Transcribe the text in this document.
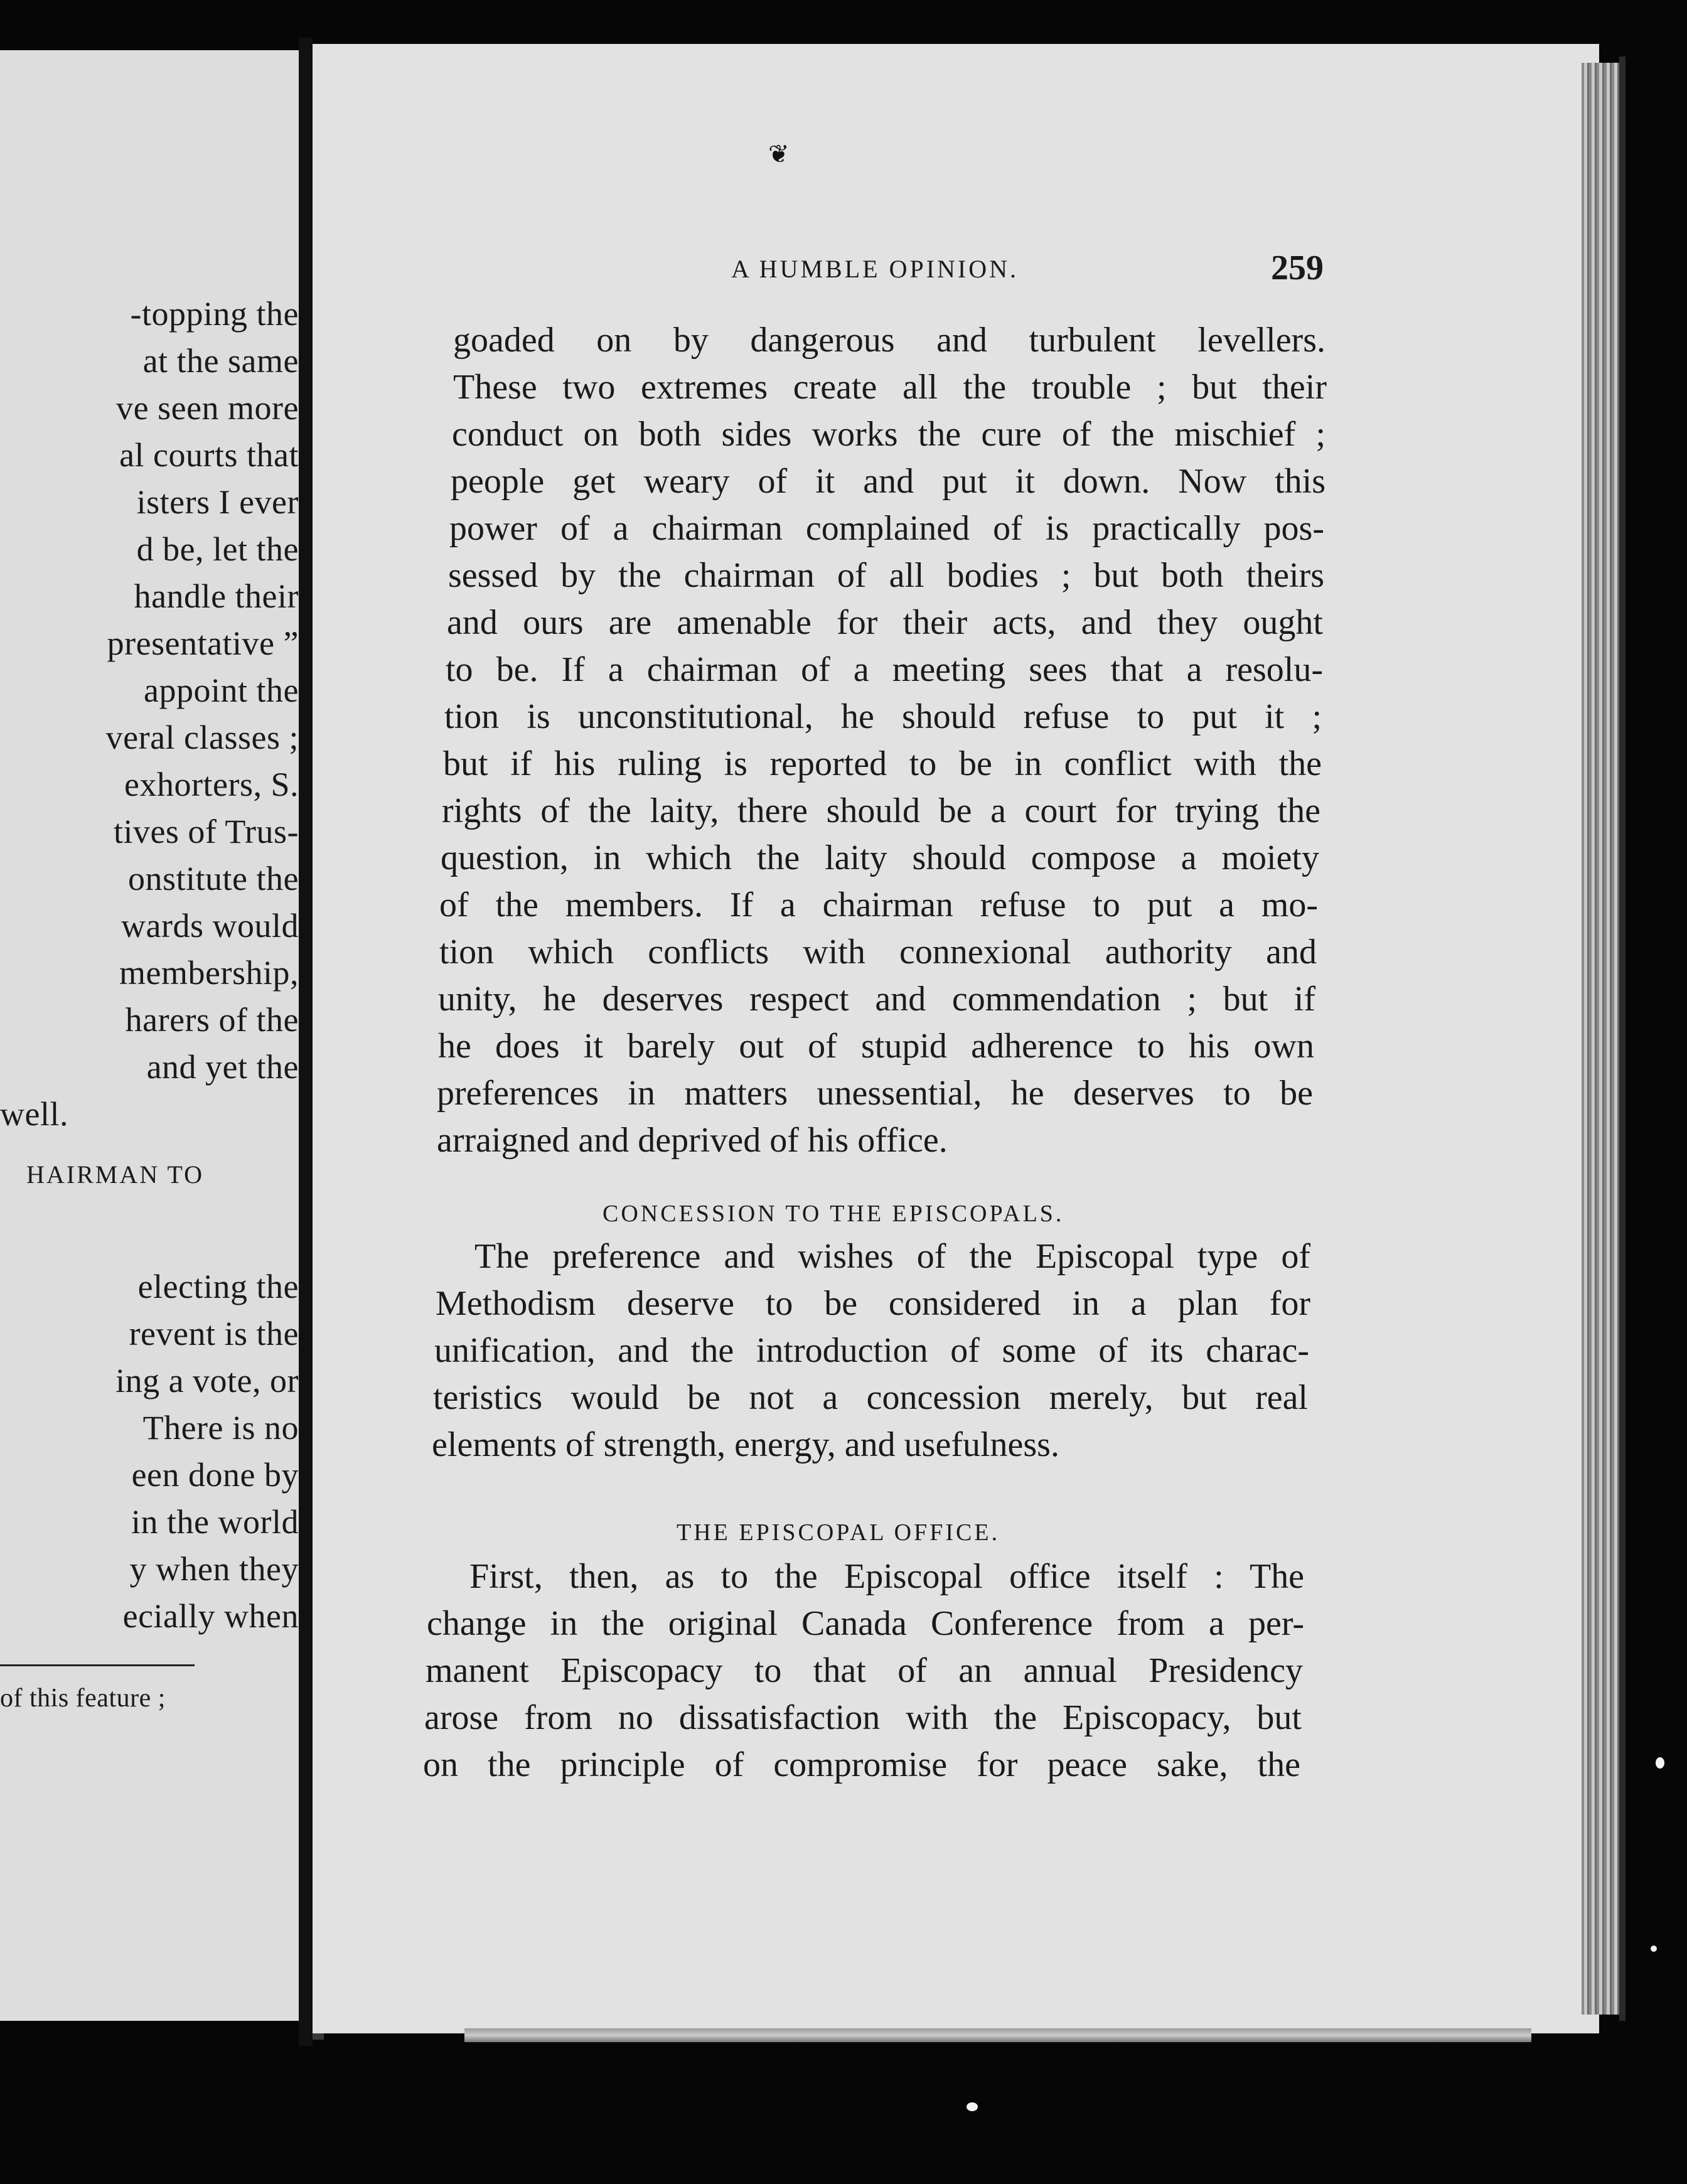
-topping the
at the same
ve seen more
al courts that
isters I ever
d be, let the
handle their
presentative ”
appoint the
veral classes ;
exhorters, S.
tives of Trus-
onstitute the
wards would
membership,
harers of the
and yet the
well.
HAIRMAN TO
electing the
revent is the
ing a vote, or
There is no
een done by
in the world
y when they
ecially when
of this feature ;
❦
A HUMBLE OPINION.	259
goaded on by dangerous and turbulent levellers.
These two extremes create all the trouble ; but their
conduct on both sides works the cure of the mischief ;
people get weary of it and put it down. Now this
power of a chairman complained of is practically pos-
sessed by the chairman of all bodies ; but both theirs
and ours are amenable for their acts, and they ought
to be. If a chairman of a meeting sees that a resolu-
tion is unconstitutional, he should refuse to put it ;
but if his ruling is reported to be in conflict with the
rights of the laity, there should be a court for trying the
question, in which the laity should compose a moiety
of the members. If a chairman refuse to put a mo-
tion which conflicts with connexional authority and
unity, he deserves respect and commendation ; but if
he does it barely out of stupid adherence to his own
preferences in matters unessential, he deserves to be
arraigned and deprived of his office.
CONCESSION TO THE EPISCOPALS.
The preference and wishes of the Episcopal type of
Methodism deserve to be considered in a plan for
unification, and the introduction of some of its charac-
teristics would be not a concession merely, but real
elements of strength, energy, and usefulness.
THE EPISCOPAL OFFICE.
First, then, as to the Episcopal office itself : The
change in the original Canada Conference from a per-
manent Episcopacy to that of an annual Presidency
arose from no dissatisfaction with the Episcopacy, but
on the principle of compromise for peace sake, the
